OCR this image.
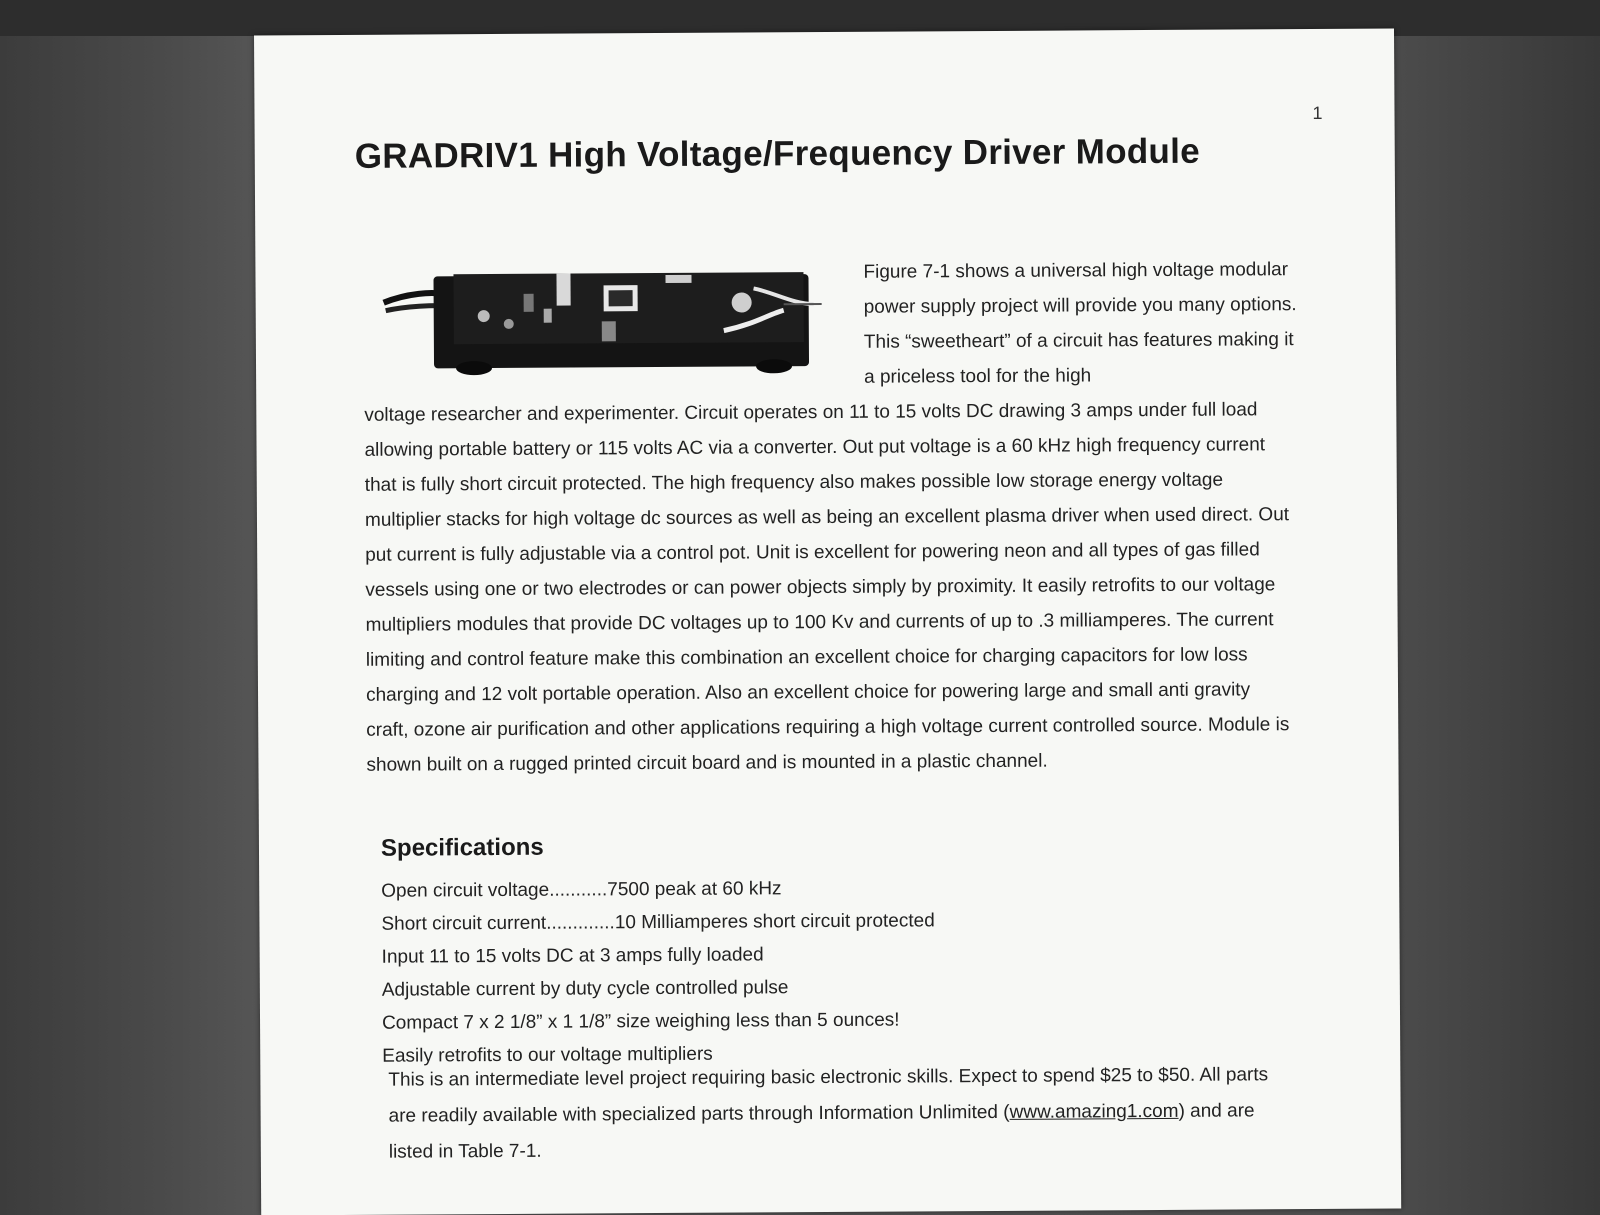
1
GRADRIV1 High Voltage/Frequency Driver Module
Figure 7-1 shows a universal high voltage modular power supply project will provide you many options. This “sweetheart” of a circuit has features making it a priceless tool for the high
voltage researcher and experimenter. Circuit operates on 11 to 15 volts DC drawing 3 amps under full load allowing portable battery or 115 volts AC via a converter. Out put voltage is a 60 kHz high frequency current that is fully short circuit protected. The high frequency also makes possible low storage energy voltage multiplier stacks for high voltage dc sources as well as being an excellent plasma driver when used direct. Out put current is fully adjustable via a control pot. Unit is excellent for powering neon and all types of gas filled vessels using one or two electrodes or can power objects simply by proximity. It easily retrofits to our voltage multipliers modules that provide DC voltages up to 100 Kv and currents of up to .3 milliamperes. The current limiting and control feature make this combination an excellent choice for charging capacitors for low loss charging and 12 volt portable operation. Also an excellent choice for powering large and small anti gravity craft, ozone air purification and other applications requiring a high voltage current controlled source. Module is shown built on a rugged printed circuit board and is mounted in a plastic channel.
Specifications
Open circuit voltage...........7500 peak at 60 kHz
Short circuit current.............10 Milliamperes short circuit protected
Input 11 to 15 volts DC at 3 amps fully loaded
Adjustable current by duty cycle controlled pulse
Compact 7 x 2 1/8” x 1 1/8” size weighing less than 5 ounces!
Easily retrofits to our voltage multipliers
This is an intermediate level project requiring basic electronic skills. Expect to spend $25 to $50. All parts are readily available with specialized parts through Information Unlimited (www.amazing1.com) and are listed in Table 7-1.
